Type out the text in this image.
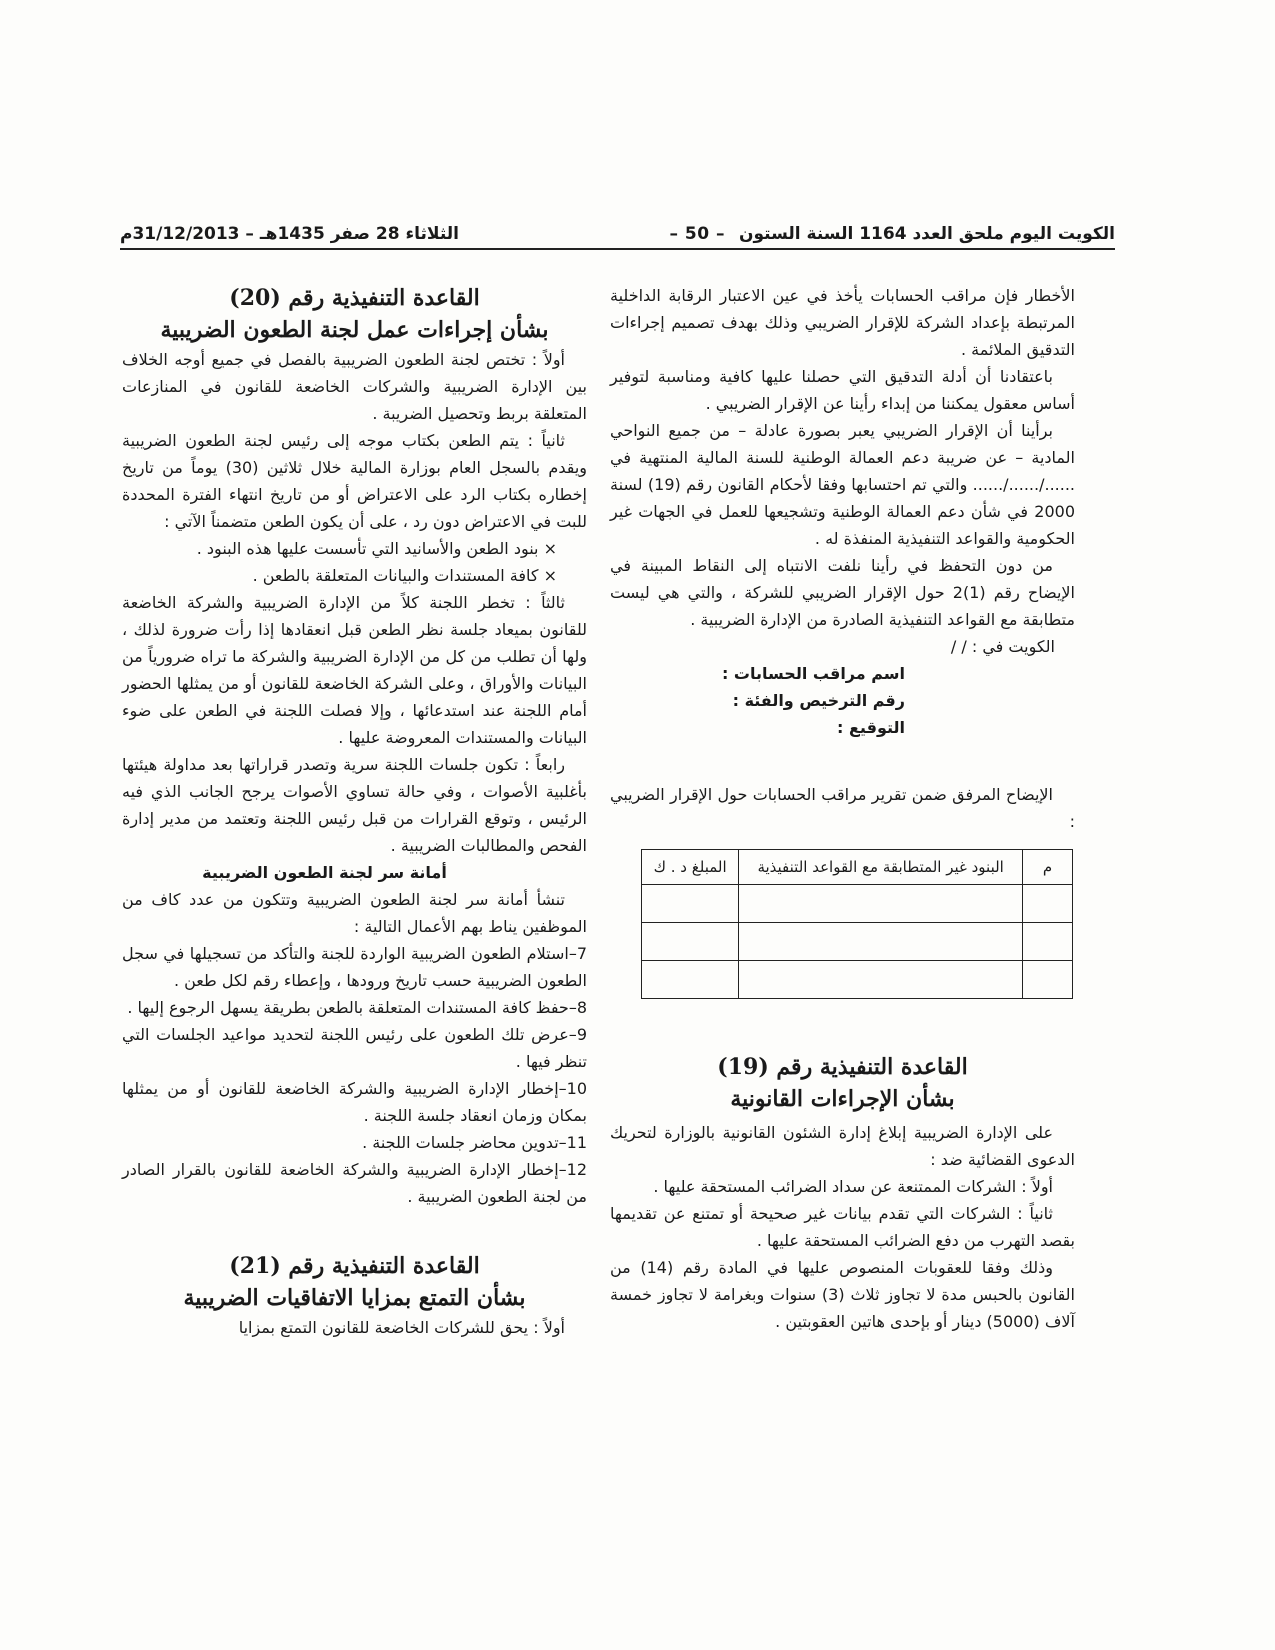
الكويت اليوم ملحق العدد 1164 السنة الستون
– 50 –
الثلاثاء 28 صفر 1435هـ – 31/12/2013م

الأخطار فإن مراقب الحسابات يأخذ في عين الاعتبار الرقابة الداخلية المرتبطة بإعداد الشركة للإقرار الضريبي وذلك بهدف تصميم إجراءات التدقيق الملائمة .

باعتقادنا أن أدلة التدقيق التي حصلنا عليها كافية ومناسبة لتوفير أساس معقول يمكننا من إبداء رأينا عن الإقرار الضريبي .

برأينا أن الإقرار الضريبي يعبر بصورة عادلة – من جميع النواحي المادية – عن ضريبة دعم العمالة الوطنية للسنة المالية المنتهية في ....../....../...... والتي تم احتسابها وفقا لأحكام القانون رقم (19) لسنة 2000 في شأن دعم العمالة الوطنية وتشجيعها للعمل في الجهات غير الحكومية والقواعد التنفيذية المنفذة له .

من دون التحفظ في رأينا نلفت الانتباه إلى النقاط المبينة في الإيضاح رقم (1)2 حول الإقرار الضريبي للشركة ، والتي هي ليست متطابقة مع القواعد التنفيذية الصادرة من الإدارة الضريبية .

الكويت في : / /

اسم مراقب الحسابات :

رقم الترخيص والفئة :

التوقيع :

الإيضاح المرفق ضمن تقرير مراقب الحسابات حول الإقرار الضريبي :

م	البنود غير المتطابقة مع القواعد التنفيذية	المبلغ د . ك

القاعدة التنفيذية رقم (19)
بشأن الإجراءات القانونية

على الإدارة الضريبية إبلاغ إدارة الشئون القانونية بالوزارة لتحريك الدعوى القضائية ضد :

أولاً : الشركات الممتنعة عن سداد الضرائب المستحقة عليها .

ثانياً : الشركات التي تقدم بيانات غير صحيحة أو تمتنع عن تقديمها بقصد التهرب من دفع الضرائب المستحقة عليها .

وذلك وفقا للعقوبات المنصوص عليها في المادة رقم (14) من القانون بالحبس مدة لا تجاوز ثلاث (3) سنوات وبغرامة لا تجاوز خمسة آلاف (5000) دينار أو بإحدى هاتين العقوبتين .

القاعدة التنفيذية رقم (20)
بشأن إجراءات عمل لجنة الطعون الضريبية

أولاً : تختص لجنة الطعون الضريبية بالفصل في جميع أوجه الخلاف بين الإدارة الضريبية والشركات الخاضعة للقانون في المنازعات المتعلقة بربط وتحصيل الضريبة .

ثانياً : يتم الطعن بكتاب موجه إلى رئيس لجنة الطعون الضريبية ويقدم بالسجل العام بوزارة المالية خلال ثلاثين (30) يوماً من تاريخ إخطاره بكتاب الرد على الاعتراض أو من تاريخ انتهاء الفترة المحددة للبت في الاعتراض دون رد ، على أن يكون الطعن متضمناً الآتي :

× بنود الطعن والأسانيد التي تأسست عليها هذه البنود .

× كافة المستندات والبيانات المتعلقة بالطعن .

ثالثاً : تخطر اللجنة كلاً من الإدارة الضريبية والشركة الخاضعة للقانون بميعاد جلسة نظر الطعن قبل انعقادها إذا رأت ضرورة لذلك ، ولها أن تطلب من كل من الإدارة الضريبية والشركة ما تراه ضرورياً من البيانات والأوراق ، وعلى الشركة الخاضعة للقانون أو من يمثلها الحضور أمام اللجنة عند استدعائها ، وإلا فصلت اللجنة في الطعن على ضوء البيانات والمستندات المعروضة عليها .

رابعاً : تكون جلسات اللجنة سرية وتصدر قراراتها بعد مداولة هيئتها بأغلبية الأصوات ، وفي حالة تساوي الأصوات يرجح الجانب الذي فيه الرئيس ، وتوقع القرارات من قبل رئيس اللجنة وتعتمد من مدير إدارة الفحص والمطالبات الضريبية .

أمانة سر لجنة الطعون الضريبية

تنشأ أمانة سر لجنة الطعون الضريبية وتتكون من عدد كاف من الموظفين يناط بهم الأعمال التالية :

7–استلام الطعون الضريبية الواردة للجنة والتأكد من تسجيلها في سجل الطعون الضريبية حسب تاريخ ورودها ، وإعطاء رقم لكل طعن .

8–حفظ كافة المستندات المتعلقة بالطعن بطريقة يسهل الرجوع إليها .

9–عرض تلك الطعون على رئيس اللجنة لتحديد مواعيد الجلسات التي تنظر فيها .

10–إخطار الإدارة الضريبية والشركة الخاضعة للقانون أو من يمثلها بمكان وزمان انعقاد جلسة اللجنة .

11–تدوين محاضر جلسات اللجنة .

12–إخطار الإدارة الضريبية والشركة الخاضعة للقانون بالقرار الصادر من لجنة الطعون الضريبية .

القاعدة التنفيذية رقم (21)
بشأن التمتع بمزايا الاتفاقيات الضريبية

أولاً : يحق للشركات الخاضعة للقانون التمتع بمزايا
